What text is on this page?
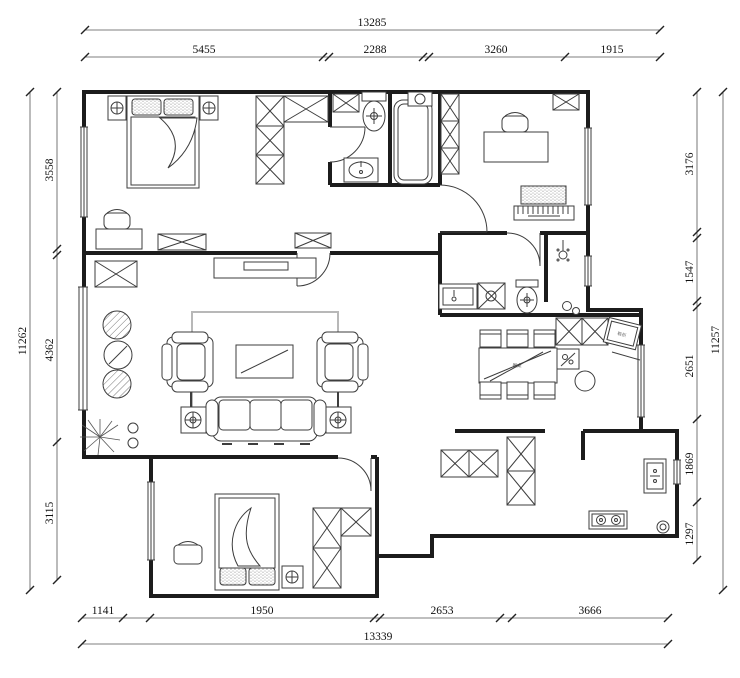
13285
5455	2288	3260	1915
11262
3558
4362
3115
11257
3176
1547
2651
1869
1297
1141	1950	2653	3666
13339
餐桌
鞋柜
